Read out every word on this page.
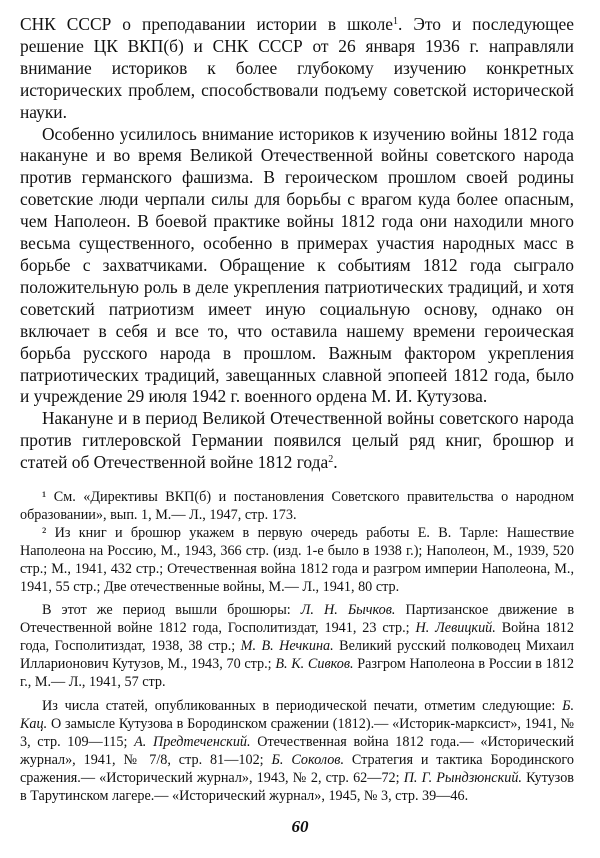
СНК СССР о преподавании истории в школе$^1$. Это и последующее решение ЦК ВКП(б) и СНК СССР от 26 января 1936 г. направляли внимание историков к более глубокому изучению конкретных исторических проблем, способствовали подъему советской исторической науки.

Особенно усилилось внимание историков к изучению войны 1812 года накануне и во время Великой Отечественной войны советского народа против германского фашизма. В героическом прошлом своей родины советские люди черпали силы для борьбы с врагом куда более опасным, чем Наполеон. В боевой практике войны 1812 года они находили много весьма существенного, особенно в примерах участия народных масс в борьбе с захватчиками. Обращение к событиям 1812 года сыграло положительную роль в деле укрепления патриотических традиций, и хотя советский патриотизм имеет иную социальную основу, однако он включает в себя и все то, что оставила нашему времени героическая борьба русского народа в прошлом. Важным фактором укрепления патриотических традиций, завещанных славной эпопеей 1812 года, было и учреждение 29 июля 1942 г. военного ордена М. И. Кутузова.

Накануне и в период Великой Отечественной войны советского народа против гитлеровской Германии появился целый ряд книг, брошюр и статей об Отечественной войне 1812 года$^2$.

¹ См. «Директивы ВКП(б) и постановления Советского правительства о народном образовании», вып. 1, М.— Л., 1947, стр. 173.

² Из книг и брошюр укажем в первую очередь работы Е. В. Тарле: Нашествие Наполеона на Россию, М., 1943, 366 стр. (изд. 1-е было в 1938 г.); Наполеон, М., 1939, 520 стр.; М., 1941, 432 стр.; Отечественная война 1812 года и разгром империи Наполеона, М., 1941, 55 стр.; Две отечественные войны, М.— Л., 1941, 80 стр.

В этот же период вышли брошюры: Л. Н. Бычков. Партизанское движение в Отечественной войне 1812 года, Госполитиздат, 1941, 23 стр.; Н. Левицкий. Война 1812 года, Госполитиздат, 1938, 38 стр.; М. В. Нечкина. Великий русский полководец Михаил Илларионович Кутузов, М., 1943, 70 стр.; В. К. Сивков. Разгром Наполеона в России в 1812 г., М.— Л., 1941, 57 стр.

Из числа статей, опубликованных в периодической печати, отметим следующие: Б. Кац. О замысле Кутузова в Бородинском сражении (1812).— «Историк-марксист», 1941, № 3, стр. 109—115; А. Предтеченский. Отечественная война 1812 года.— «Исторический журнал», 1941, № 7/8, стр. 81—102; Б. Соколов. Стратегия и тактика Бородинского сражения.— «Исторический журнал», 1943, № 2, стр. 62—72; П. Г. Рындзюнский. Кутузов в Тарутинском лагере.— «Исторический журнал», 1945, № 3, стр. 39—46.

60
